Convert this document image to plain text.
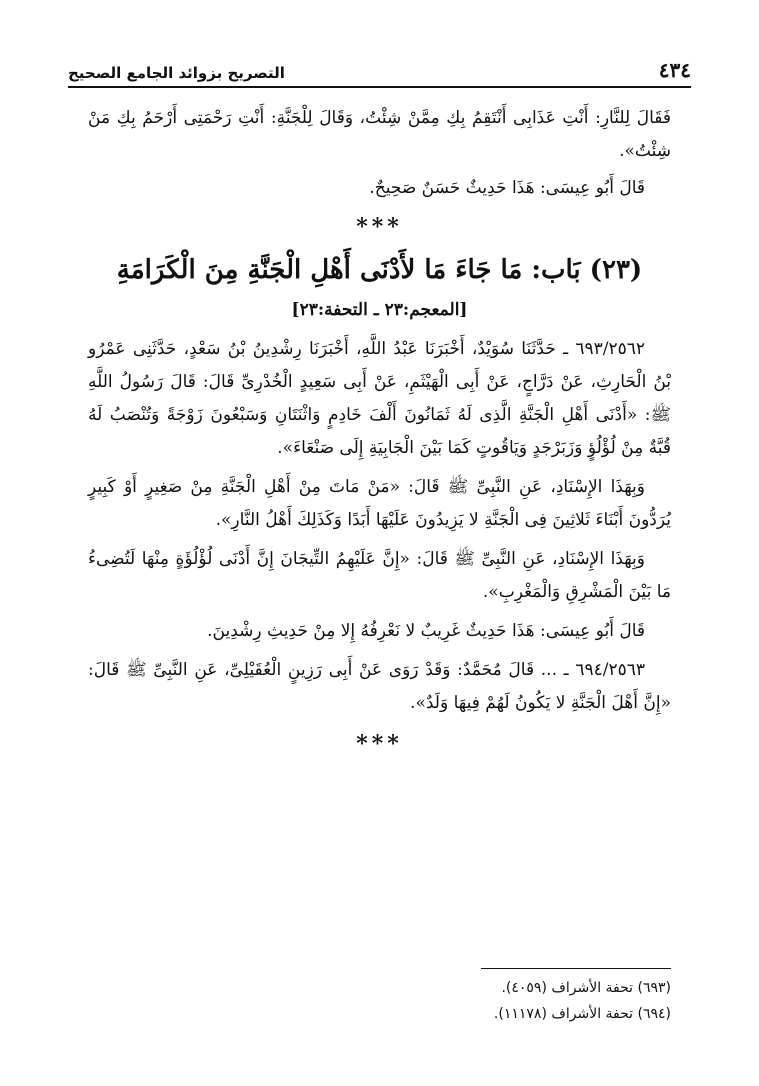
٤٣٤
التصريح بزوائد الجامع الصحيح

فَقَالَ لِلنَّارِ: أَنْتِ عَذَابِى أَنْتَقِمُ بِكِ مِمَّنْ شِئْتُ، وَقَالَ لِلْجَنَّةِ: أَنْتِ رَحْمَتِى أَرْحَمُ بِكِ مَنْ شِئْتُ».

قَالَ أَبُو عِيسَى: هَذَا حَدِيثٌ حَسَنٌ صَحِيحٌ.

***

(٢٣) بَاب: مَا جَاءَ مَا لأَدْنَى أَهْلِ الْجَنَّةِ مِنَ الْكَرَامَةِ

[المعجم:٢٣ ـ التحفة:٢٣]

٦٩٣/٢٥٦٢ ـ حَدَّثَنَا سُوَيْدٌ، أَخْبَرَنَا عَبْدُ اللَّهِ، أَخْبَرَنَا رِشْدِينُ بْنُ سَعْدٍ، حَدَّثَنِى عَمْرُو بْنُ الْحَارِثِ، عَنْ دَرَّاجٍ، عَنْ أَبِى الْهَيْثَمِ، عَنْ أَبِى سَعِيدٍ الْخُدْرِىِّ قَالَ: قَالَ رَسُولُ اللَّهِ ﷺ: «أَدْنَى أَهْلِ الْجَنَّةِ الَّذِى لَهُ ثَمَانُونَ أَلْفَ خَادِمٍ وَاثْنَتَانِ وَسَبْعُونَ زَوْجَةً وَتُنْصَبُ لَهُ قُبَّةٌ مِنْ لُؤْلُؤٍ وَزَبَرْجَدٍ وَيَاقُوتٍ كَمَا بَيْنَ الْجَابِيَةِ إِلَى صَنْعَاءَ».

وَبِهَذَا الإِسْنَادِ، عَنِ النَّبِىِّ ﷺ قَالَ: «مَنْ مَاتَ مِنْ أَهْلِ الْجَنَّةِ مِنْ صَغِيرٍ أَوْ كَبِيرٍ يُرَدُّونَ أَبْنَاءَ ثَلاثِينَ فِى الْجَنَّةِ لا يَزِيدُونَ عَلَيْهَا أَبَدًا وَكَذَلِكَ أَهْلُ النَّارِ».

وَبِهَذَا الإِسْنَادِ، عَنِ النَّبِىِّ ﷺ قَالَ: «إِنَّ عَلَيْهِمُ التِّيجَانَ إِنَّ أَدْنَى لُؤْلُؤَةٍ مِنْهَا لَتُضِىءُ مَا بَيْنَ الْمَشْرِقِ وَالْمَغْرِبِ».

قَالَ أَبُو عِيسَى: هَذَا حَدِيثٌ غَرِيبٌ لا نَعْرِفُهُ إِلا مِنْ حَدِيثِ رِشْدِينَ.

٦٩٤/٢٥٦٣ ـ ... قَالَ مُحَمَّدٌ: وَقَدْ رَوَى عَنْ أَبِى رَزِينٍ الْعُقَيْلِىِّ، عَنِ النَّبِىِّ ﷺ قَالَ: «إِنَّ أَهْلَ الْجَنَّةِ لا يَكُونُ لَهُمْ فِيهَا وَلَدٌ».

***

(٦٩٣) تحفة الأشراف (٤٠٥٩).
(٦٩٤) تحفة الأشراف (١١١٧٨).
